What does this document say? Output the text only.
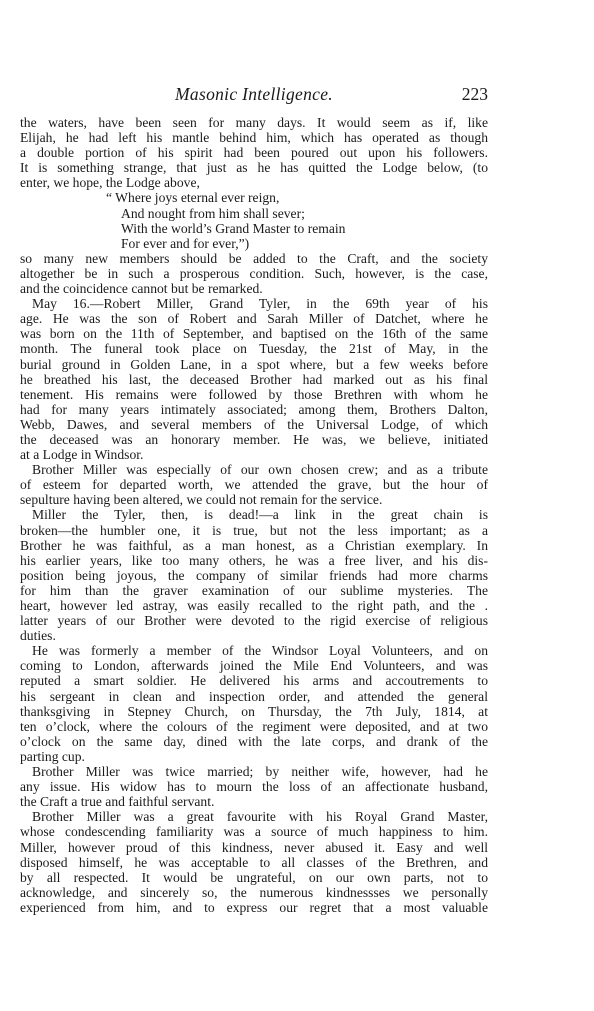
Masonic Intelligence.	223
the waters, have been seen for many days. It would seem as if, like
Elijah, he had left his mantle behind him, which has operated as though
a double portion of his spirit had been poured out upon his followers.
It is something strange, that just as he has quitted the Lodge below, (to
enter, we hope, the Lodge above,
“ Where joys eternal ever reign,
And nought from him shall sever;
With the world’s Grand Master to remain
For ever and for ever,”)
so many new members should be added to the Craft, and the society
altogether be in such a prosperous condition. Such, however, is the case,
and the coincidence cannot but be remarked.
May 16.—Robert Miller, Grand Tyler, in the 69th year of his
age. He was the son of Robert and Sarah Miller of Datchet, where he
was born on the 11th of September, and baptised on the 16th of the same
month. The funeral took place on Tuesday, the 21st of May, in the
burial ground in Golden Lane, in a spot where, but a few weeks before
he breathed his last, the deceased Brother had marked out as his final
tenement. His remains were followed by those Brethren with whom he
had for many years intimately associated; among them, Brothers Dalton,
Webb, Dawes, and several members of the Universal Lodge, of which
the deceased was an honorary member. He was, we believe, initiated
at a Lodge in Windsor.
Brother Miller was especially of our own chosen crew; and as a tribute
of esteem for departed worth, we attended the grave, but the hour of
sepulture having been altered, we could not remain for the service.
Miller the Tyler, then, is dead!—a link in the great chain is
broken—the humbler one, it is true, but not the less important; as a
Brother he was faithful, as a man honest, as a Christian exemplary. In
his earlier years, like too many others, he was a free liver, and his dis-
position being joyous, the company of similar friends had more charms
for him than the graver examination of our sublime mysteries. The
heart, however led astray, was easily recalled to the right path, and the .
latter years of our Brother were devoted to the rigid exercise of religious
duties.
He was formerly a member of the Windsor Loyal Volunteers, and on
coming to London, afterwards joined the Mile End Volunteers, and was
reputed a smart soldier. He delivered his arms and accoutrements to
his sergeant in clean and inspection order, and attended the general
thanksgiving in Stepney Church, on Thursday, the 7th July, 1814, at
ten o’clock, where the colours of the regiment were deposited, and at two
o’clock on the same day, dined with the late corps, and drank of the
parting cup.
Brother Miller was twice married; by neither wife, however, had he
any issue. His widow has to mourn the loss of an affectionate husband,
the Craft a true and faithful servant.
Brother Miller was a great favourite with his Royal Grand Master,
whose condescending familiarity was a source of much happiness to him.
Miller, however proud of this kindness, never abused it. Easy and well
disposed himself, he was acceptable to all classes of the Brethren, and
by all respected. It would be ungrateful, on our own parts, not to
acknowledge, and sincerely so, the numerous kindnessses we personally
experienced from him, and to express our regret that a most valuable
